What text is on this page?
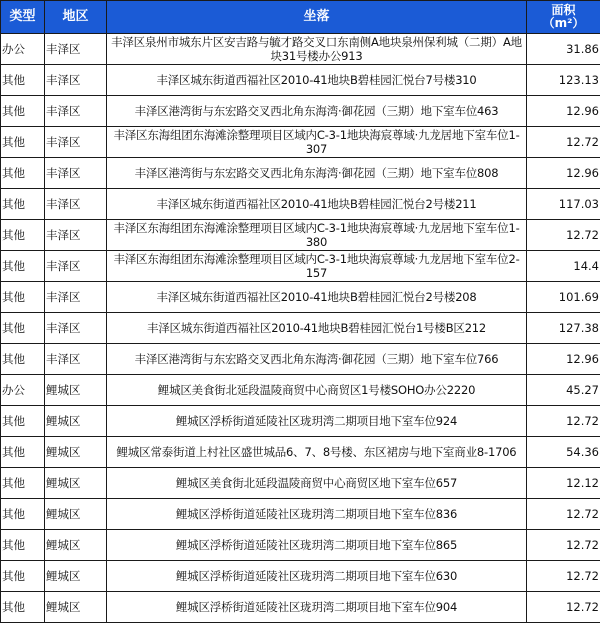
类型	地区	坐落	面积
（m²）
办公	丰泽区	丰泽区泉州市城东片区安吉路与毓才路交叉口东南侧A地块泉州保利城（二期）A地块31号楼办公913	31.86
其他	丰泽区	丰泽区城东街道西福社区2010-41地块B碧桂园汇悦台7号楼310	123.13
其他	丰泽区	丰泽区港湾街与东宏路交叉西北角东海湾·御花园（三期）地下室车位463	12.96
其他	丰泽区	丰泽区东海组团东海滩涂整理项目区域内C-3-1地块海宸尊域·九龙居地下室车位1-307	12.72
其他	丰泽区	丰泽区港湾街与东宏路交叉西北角东海湾·御花园（三期）地下室车位808	12.96
其他	丰泽区	丰泽区城东街道西福社区2010-41地块B碧桂园汇悦台2号楼211	117.03
其他	丰泽区	丰泽区东海组团东海滩涂整理项目区域内C-3-1地块海宸尊域·九龙居地下室车位1-380	12.72
其他	丰泽区	丰泽区东海组团东海滩涂整理项目区域内C-3-1地块海宸尊域·九龙居地下室车位2-157	14.4
其他	丰泽区	丰泽区城东街道西福社区2010-41地块B碧桂园汇悦台2号楼208	101.69
其他	丰泽区	丰泽区城东街道西福社区2010-41地块B碧桂园汇悦台1号楼B区212	127.38
其他	丰泽区	丰泽区港湾街与东宏路交叉西北角东海湾·御花园（三期）地下室车位766	12.96
办公	鲤城区	鲤城区美食街北延段温陵商贸中心商贸区1号楼SOHO办公2220	45.27
其他	鲤城区	鲤城区浮桥街道延陵社区珑玥湾二期项目地下室车位924	12.72
其他	鲤城区	鲤城区常泰街道上村社区盛世城品6、7、8号楼、东区裙房与地下室商业8-1706	54.36
其他	鲤城区	鲤城区美食街北延段温陵商贸中心商贸区地下室车位657	12.12
其他	鲤城区	鲤城区浮桥街道延陵社区珑玥湾二期项目地下室车位836	12.72
其他	鲤城区	鲤城区浮桥街道延陵社区珑玥湾二期项目地下室车位865	12.72
其他	鲤城区	鲤城区浮桥街道延陵社区珑玥湾二期项目地下室车位630	12.72
其他	鲤城区	鲤城区浮桥街道延陵社区珑玥湾二期项目地下室车位904	12.72
